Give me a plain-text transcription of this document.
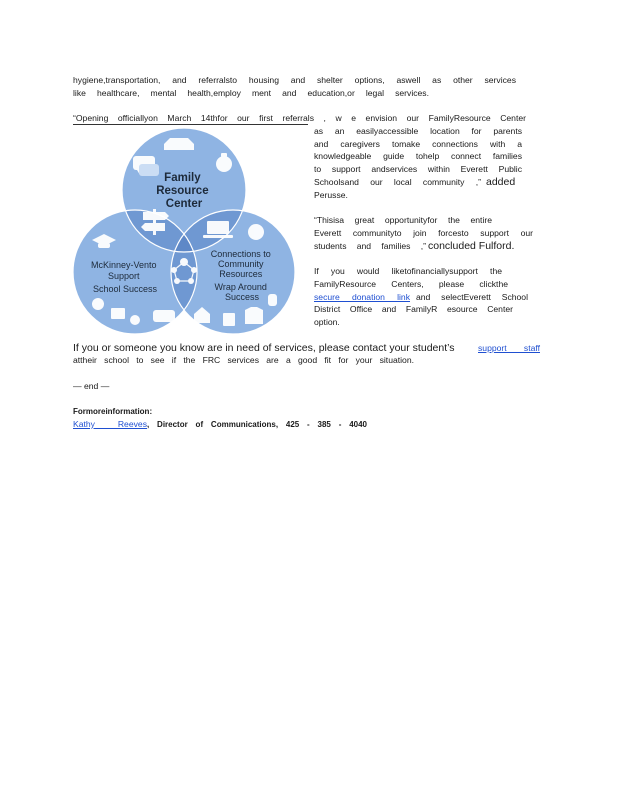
hygiene,transportation, and referralsto housing and shelter options, aswell as other services
like healthcare, mental health,employ ment and education,or legal services.
“Opening officiallyon March 14thfor our first referrals , w e envision our FamilyResource Center
Family Resource Center
McKinney-Vento Support School Success
Connections to Community Resources Wrap Around Success
as an easilyaccessible location for parents
and caregivers tomake connections with a
knowledgeable guide tohelp connect families
to support andservices within Everett Public
Schoolsand our local community ,” added
Perusse.
“Thisisa great opportunityfor the entire
Everett communityto join forcesto support our
students and families ,” concluded Fulford.
If you would liketofinanciallysupport the
FamilyResource Centers, please clickthe
secure donation link and selectEverett School
District Office and FamilyR esource Center
option.
If you or someone you know are in need of services, please contact your student’s	support staff
attheir school to see if the FRC services are a good fit for your situation.
— end —
Formoreinformation:
Kathy Reeves , Director of Communications, 425 - 385 - 4040
